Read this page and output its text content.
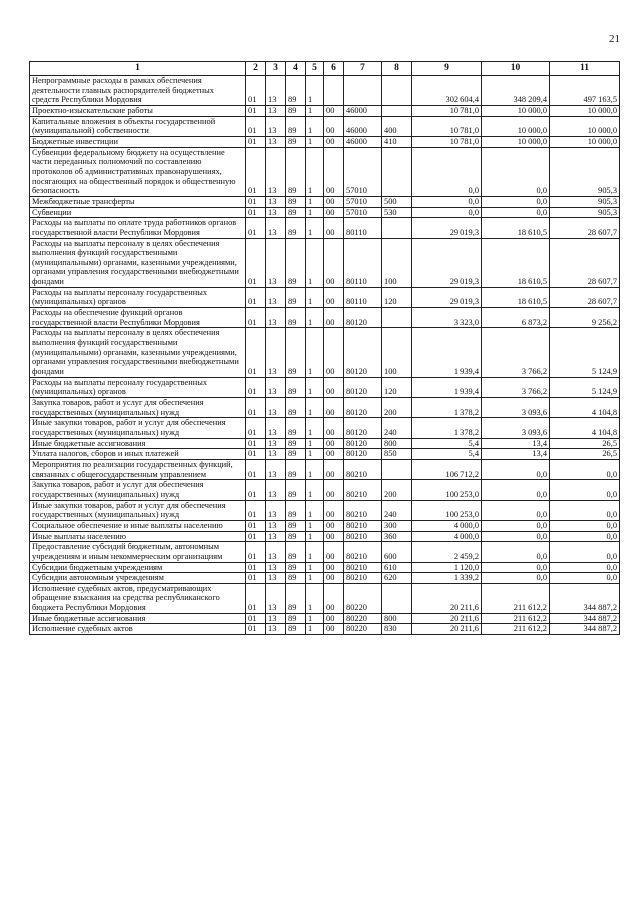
21
1	2	3	4	5	6	7	8	9	10	11
Непрограммные расходы в рамках обеспечения деятельности главных распорядителей бюджетных средств Республики Мордовия	01	13	89	1				302 604,4	348 209,4	497 163,5
Проектно-изыскательские работы	01	13	89	1	00	46000		10 781,0	10 000,0	10 000,0
Капитальные вложения в объекты государственной (муниципальной) собственности	01	13	89	1	00	46000	400	10 781,0	10 000,0	10 000,0
Бюджетные инвестиции	01	13	89	1	00	46000	410	10 781,0	10 000,0	10 000,0
Субвенции федеральному бюджету на осуществление части переданных полномочий по составлению протоколов об административных правонарушениях, посягающих на общественный порядок и общественную безопасность	01	13	89	1	00	57010		0,0	0,0	905,3
Межбюджетные трансферты	01	13	89	1	00	57010	500	0,0	0,0	905,3
Субвенции	01	13	89	1	00	57010	530	0,0	0,0	905,3
Расходы на выплаты по оплате труда работников органов государственной власти Республики Мордовия	01	13	89	1	00	80110		29 019,3	18 610,5	28 607,7
Расходы на выплаты персоналу в целях обеспечения выполнения функций государственными (муниципальными) органами, казенными учреждениями, органами управления государственными внебюджетными фондами	01	13	89	1	00	80110	100	29 019,3	18 610,5	28 607,7
Расходы на выплаты персоналу государственных (муниципальных) органов	01	13	89	1	00	80110	120	29 019,3	18 610,5	28 607,7
Расходы на обеспечение функций органов государственной власти Республики Мордовия	01	13	89	1	00	80120		3 323,0	6 873,2	9 256,2
Расходы на выплаты персоналу в целях обеспечения выполнения функций государственными (муниципальными) органами, казенными учреждениями, органами управления государственными внебюджетными фондами	01	13	89	1	00	80120	100	1 939,4	3 766,2	5 124,9
Расходы на выплаты персоналу государственных (муниципальных) органов	01	13	89	1	00	80120	120	1 939,4	3 766,2	5 124,9
Закупка товаров, работ и услуг для обеспечения государственных (муниципальных) нужд	01	13	89	1	00	80120	200	1 378,2	3 093,6	4 104,8
Иные закупки товаров, работ и услуг для обеспечения государственных (муниципальных) нужд	01	13	89	1	00	80120	240	1 378,2	3 093,6	4 104,8
Иные бюджетные ассигнования	01	13	89	1	00	80120	800	5,4	13,4	26,5
Уплата налогов, сборов и иных платежей	01	13	89	1	00	80120	850	5,4	13,4	26,5
Мероприятия по реализации государственных функций, связанных с общегосударственным управлением	01	13	89	1	00	80210		106 712,2	0,0	0,0
Закупка товаров, работ и услуг для обеспечения государственных (муниципальных) нужд	01	13	89	1	00	80210	200	100 253,0	0,0	0,0
Иные закупки товаров, работ и услуг для обеспечения государственных (муниципальных) нужд	01	13	89	1	00	80210	240	100 253,0	0,0	0,0
Социальное обеспечение и иные выплаты населению	01	13	89	1	00	80210	300	4 000,0	0,0	0,0
Иные выплаты населению	01	13	89	1	00	80210	360	4 000,0	0,0	0,0
Предоставление субсидий бюджетным, автономным учреждениям и иным некоммерческим организациям	01	13	89	1	00	80210	600	2 459,2	0,0	0,0
Субсидии бюджетным учреждениям	01	13	89	1	00	80210	610	1 120,0	0,0	0,0
Субсидии автономным учреждениям	01	13	89	1	00	80210	620	1 339,2	0,0	0,0
Исполнение судебных актов, предусматривающих обращение взыскания на средства республиканского бюджета Республики Мордовия	01	13	89	1	00	80220		20 211,6	211 612,2	344 887,2
Иные бюджетные ассигнования	01	13	89	1	00	80220	800	20 211,6	211 612,2	344 887,2
Исполнение судебных актов	01	13	89	1	00	80220	830	20 211,6	211 612,2	344 887,2
